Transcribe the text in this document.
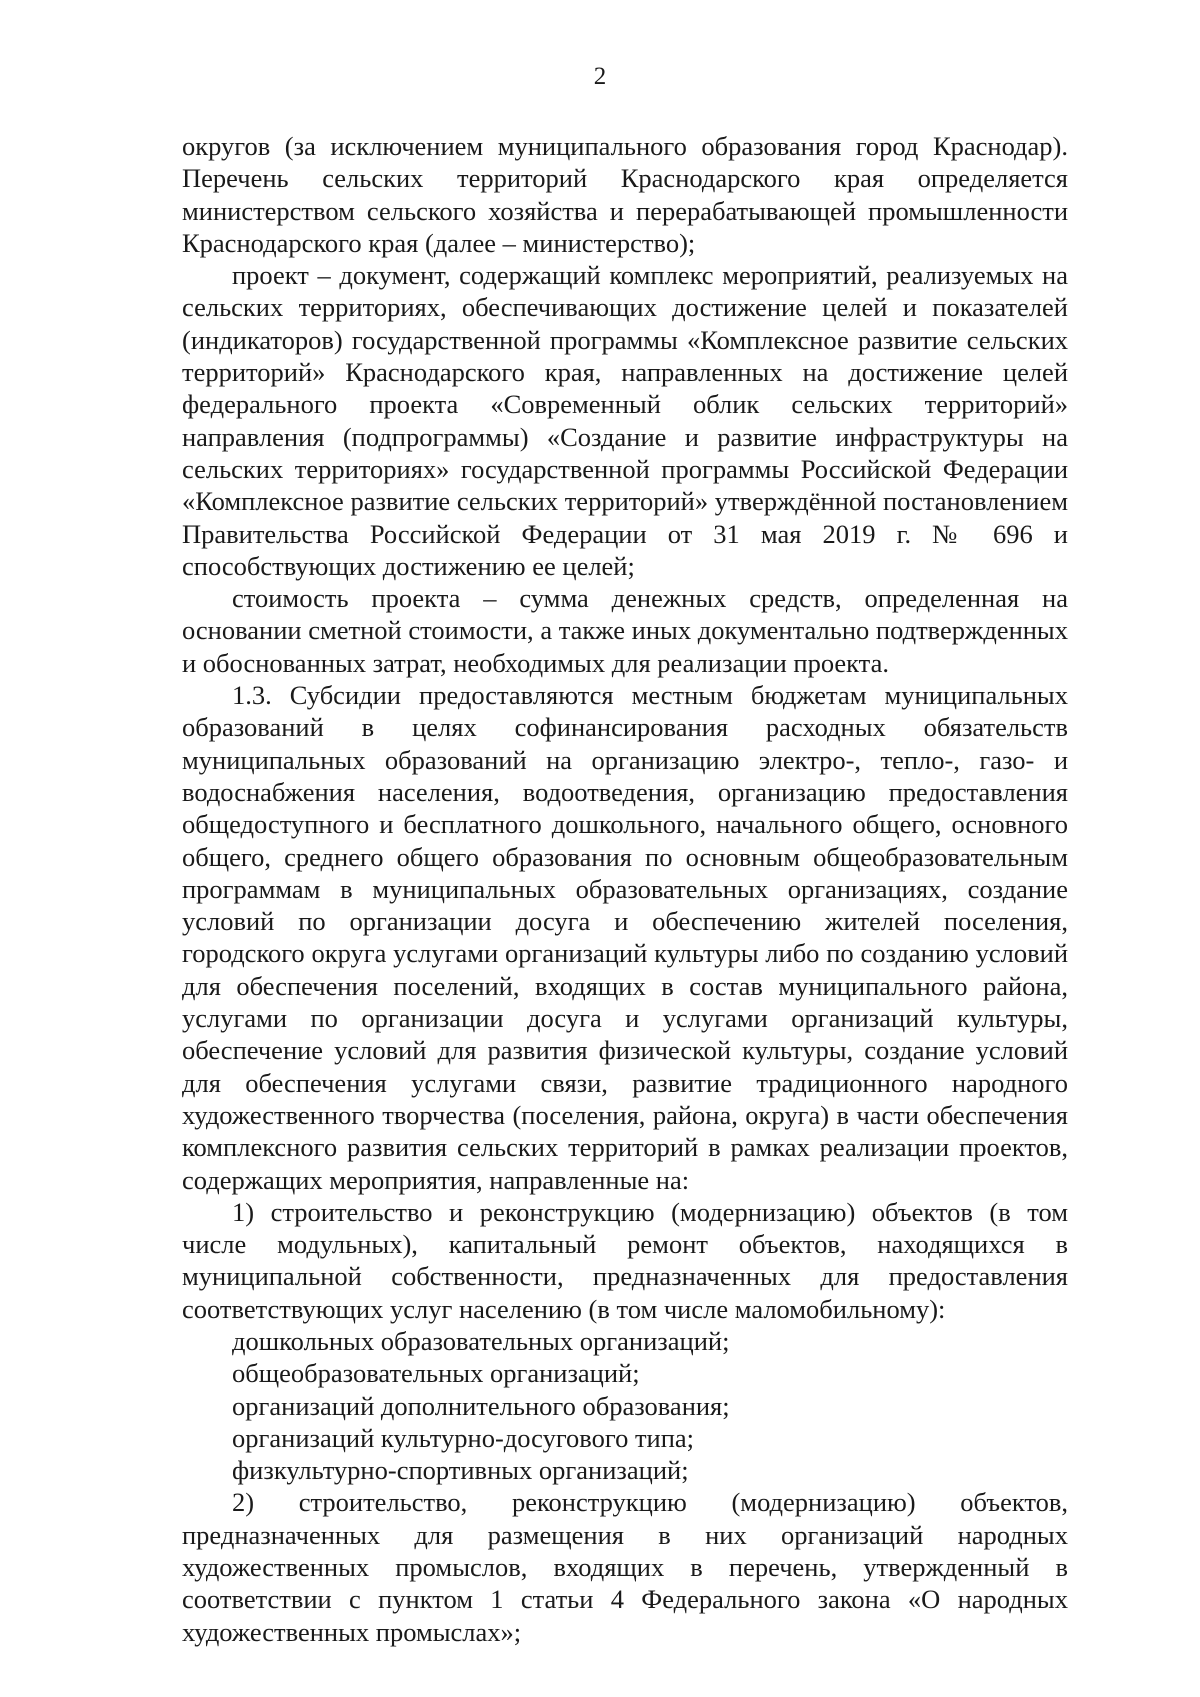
2

округов (за исключением муниципального образования город Краснодар). Перечень сельских территорий Краснодарского края определяется министерством сельского хозяйства и перерабатывающей промышленности Краснодарского края (далее – министерство);

проект – документ, содержащий комплекс мероприятий, реализуемых на сельских территориях, обеспечивающих достижение целей и показателей (индикаторов) государственной программы «Комплексное развитие сельских территорий» Краснодарского края, направленных на достижение целей федерального проекта «Современный облик сельских территорий» направления (подпрограммы) «Создание и развитие инфраструктуры на сельских территориях» государственной программы Российской Федерации «Комплексное развитие сельских территорий» утверждённой постановлением Правительства Российской Федерации от 31 мая 2019 г. № 696 и способствующих достижению ее целей;

стоимость проекта – сумма денежных средств, определенная на основании сметной стоимости, а также иных документально подтвержденных и обоснованных затрат, необходимых для реализации проекта.

1.3. Субсидии предоставляются местным бюджетам муниципальных образований в целях софинансирования расходных обязательств муниципальных образований на организацию электро-, тепло-, газо- и водоснабжения населения, водоотведения, организацию предоставления общедоступного и бесплатного дошкольного, начального общего, основного общего, среднего общего образования по основным общеобразовательным программам в муниципальных образовательных организациях, создание условий по организации досуга и обеспечению жителей поселения, городского округа услугами организаций культуры либо по созданию условий для обеспечения поселений, входящих в состав муниципального района, услугами по организации досуга и услугами организаций культуры, обеспечение условий для развития физической культуры, создание условий для обеспечения услугами связи, развитие традиционного народного художественного творчества (поселения, района, округа) в части обеспечения комплексного развития сельских территорий в рамках реализации проектов, содержащих мероприятия, направленные на:

1) строительство и реконструкцию (модернизацию) объектов (в том числе модульных), капитальный ремонт объектов, находящихся в муниципальной собственности, предназначенных для предоставления соответствующих услуг населению (в том числе маломобильному):

дошкольных образовательных организаций;

общеобразовательных организаций;

организаций дополнительного образования;

организаций культурно-досугового типа;

физкультурно-спортивных организаций;

2) строительство, реконструкцию (модернизацию) объектов, предназначенных для размещения в них организаций народных художественных промыслов, входящих в перечень, утвержденный в соответствии с пунктом 1 статьи 4 Федерального закона «О народных художественных промыслах»;
